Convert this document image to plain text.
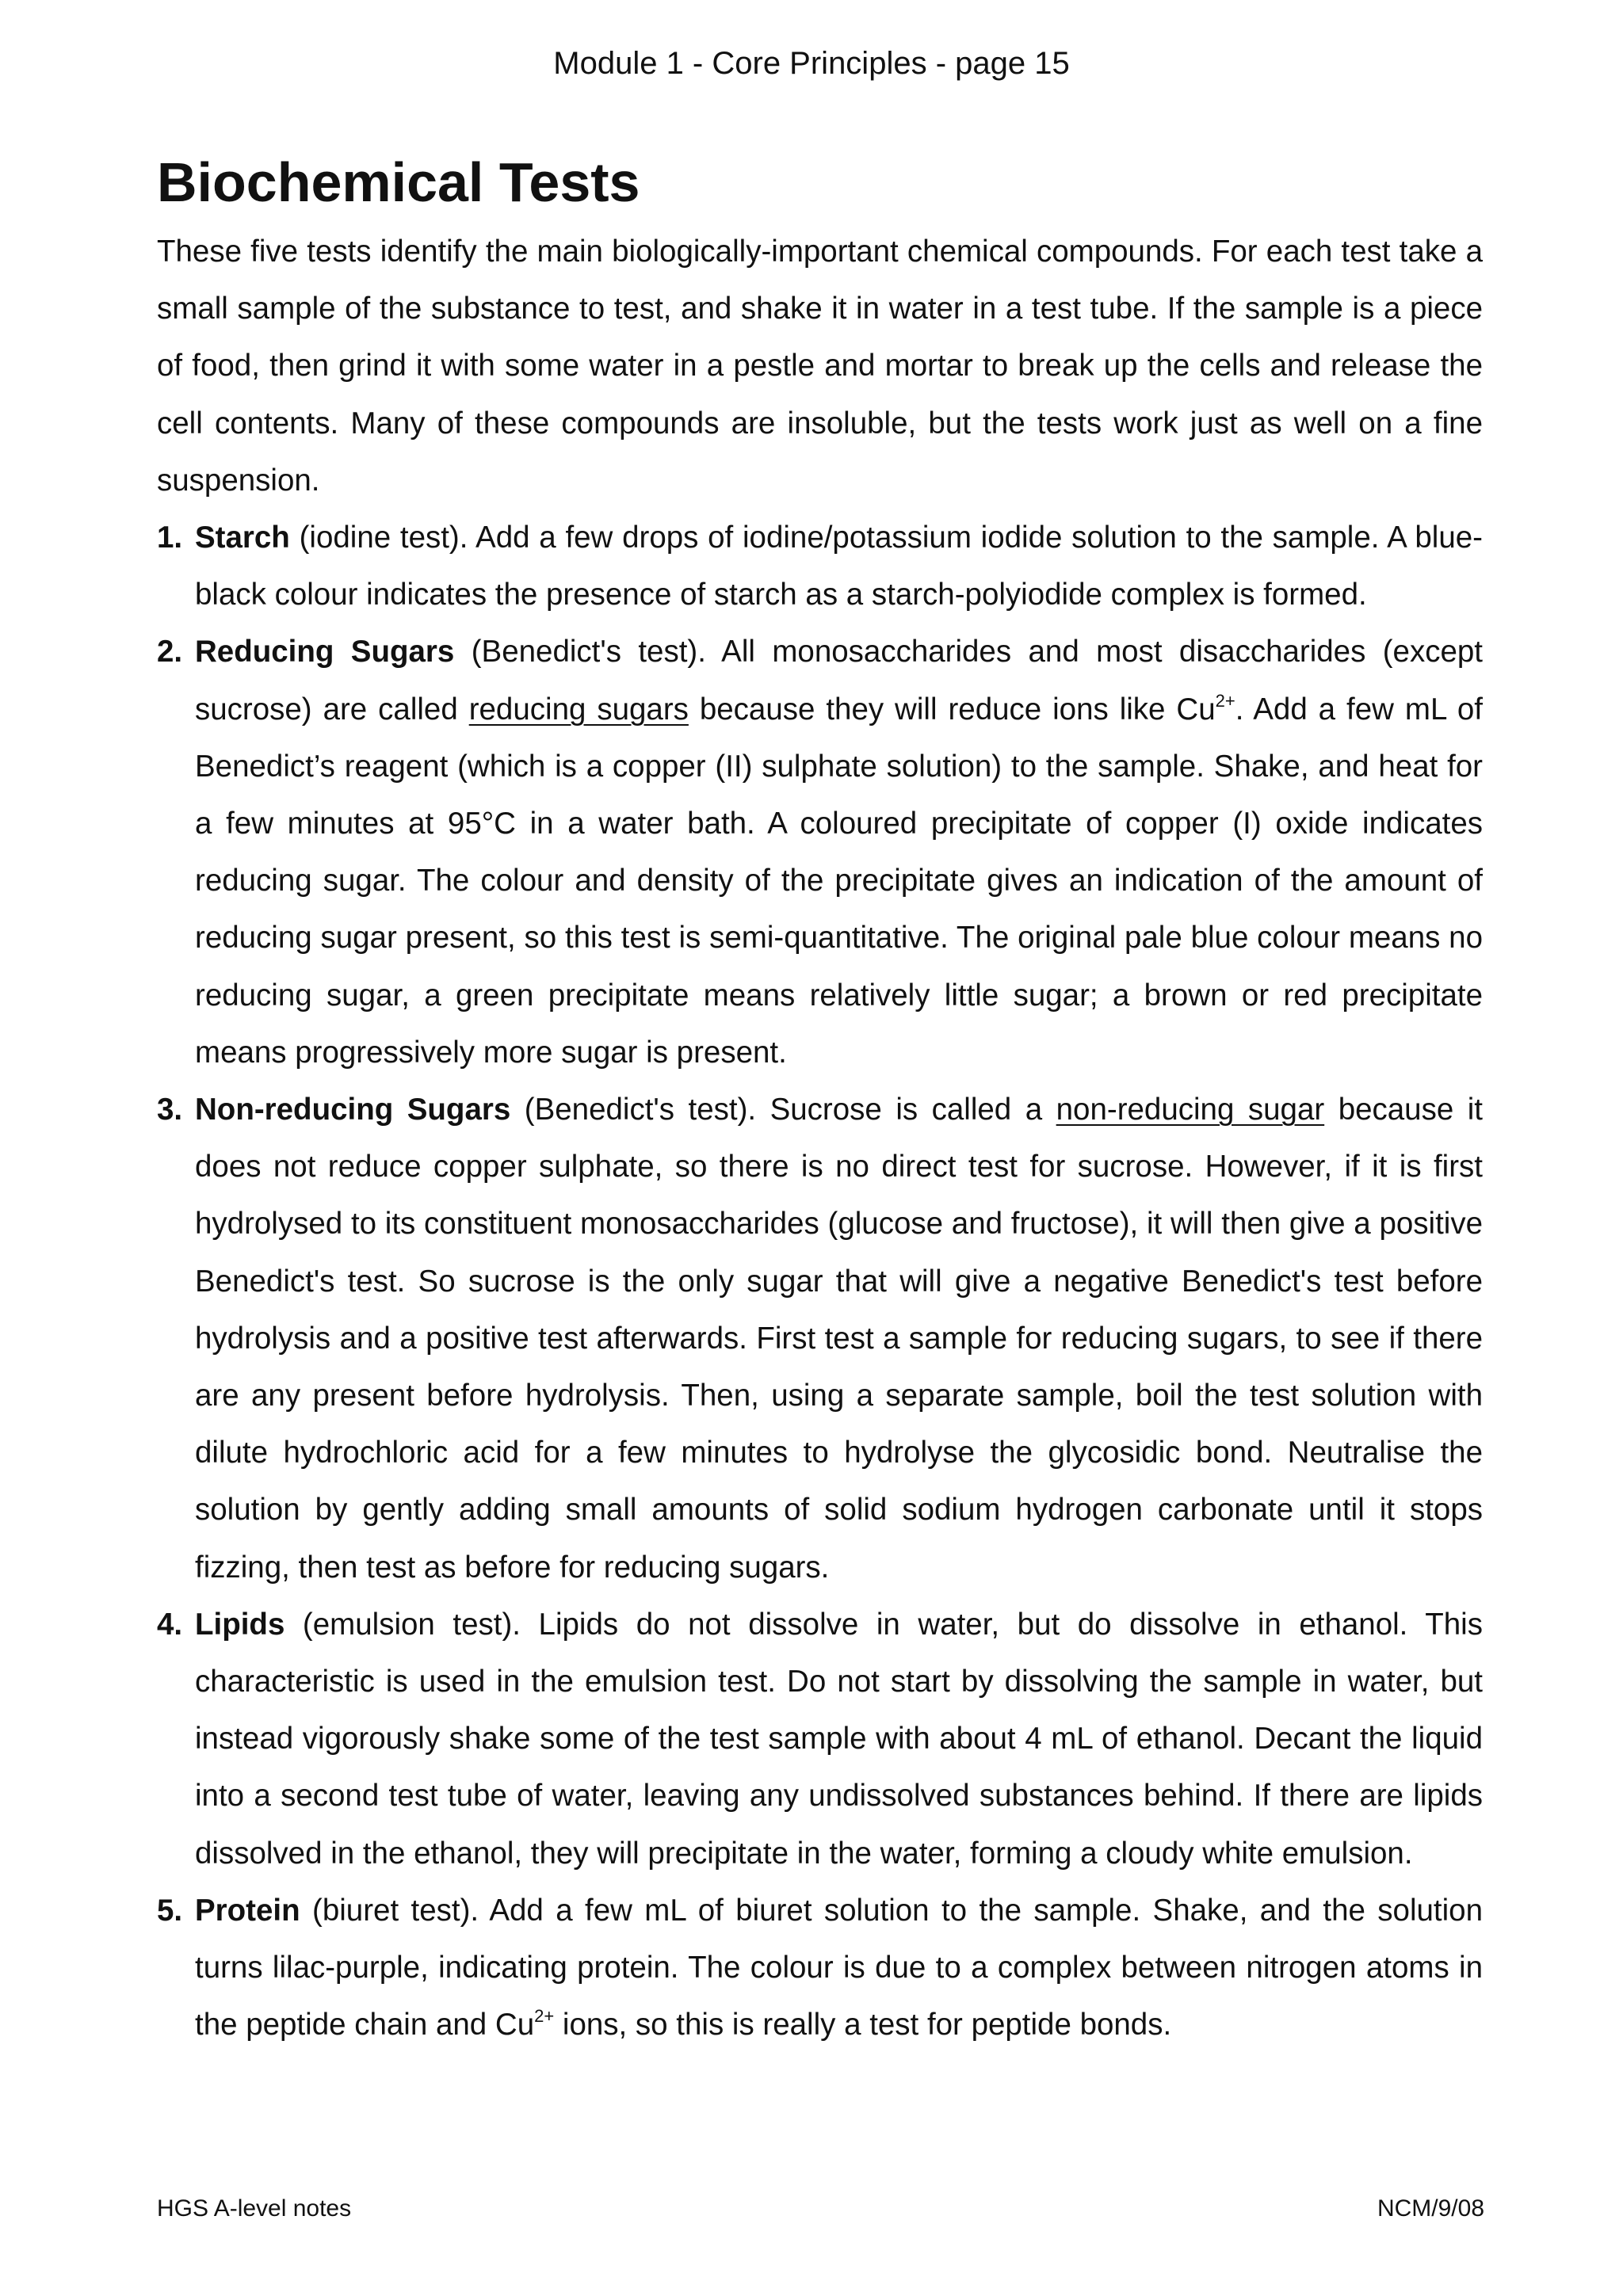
Module 1 - Core Principles - page 15
Biochemical Tests

These five tests identify the main biologically-important chemical compounds. For each test take a small sample of the substance to test, and shake it in water in a test tube. If the sample is a piece of food, then grind it with some water in a pestle and mortar to break up the cells and release the cell contents. Many of these compounds are insoluble, but the tests work just as well on a fine suspension.

1. Starch (iodine test). Add a few drops of iodine/potassium iodide solution to the sample. A blue-black colour indicates the presence of starch as a starch-polyiodide complex is formed.
2. Reducing Sugars (Benedict's test). All monosaccharides and most disaccharides (except sucrose) are called reducing sugars because they will reduce ions like $Cu^{2+}$. Add a few mL of Benedict’s reagent (which is a copper (II) sulphate solution) to the sample. Shake, and heat for a few minutes at 95°C in a water bath. A coloured precipitate of copper (I) oxide indicates reducing sugar. The colour and density of the precipitate gives an indication of the amount of reducing sugar present, so this test is semi-quantitative. The original pale blue colour means no reducing sugar, a green precipitate means relatively little sugar; a brown or red precipitate means progressively more sugar is present.
3. Non-reducing Sugars (Benedict's test). Sucrose is called a non-reducing sugar because it does not reduce copper sulphate, so there is no direct test for sucrose. However, if it is first hydrolysed to its constituent monosaccharides (glucose and fructose), it will then give a positive Benedict's test. So sucrose is the only sugar that will give a negative Benedict's test before hydrolysis and a positive test afterwards. First test a sample for reducing sugars, to see if there are any present before hydrolysis. Then, using a separate sample, boil the test solution with dilute hydrochloric acid for a few minutes to hydrolyse the glycosidic bond. Neutralise the solution by gently adding small amounts of solid sodium hydrogen carbonate until it stops fizzing, then test as before for reducing sugars.
4. Lipids (emulsion test). Lipids do not dissolve in water, but do dissolve in ethanol. This characteristic is used in the emulsion test. Do not start by dissolving the sample in water, but instead vigorously shake some of the test sample with about 4 mL of ethanol. Decant the liquid into a second test tube of water, leaving any undissolved substances behind. If there are lipids dissolved in the ethanol, they will precipitate in the water, forming a cloudy white emulsion.
5. Protein (biuret test). Add a few mL of biuret solution to the sample. Shake, and the solution turns lilac-purple, indicating protein. The colour is due to a complex between nitrogen atoms in the peptide chain and $Cu^{2+}$ ions, so this is really a test for peptide bonds.
HGS A-level notes	NCM/9/08
